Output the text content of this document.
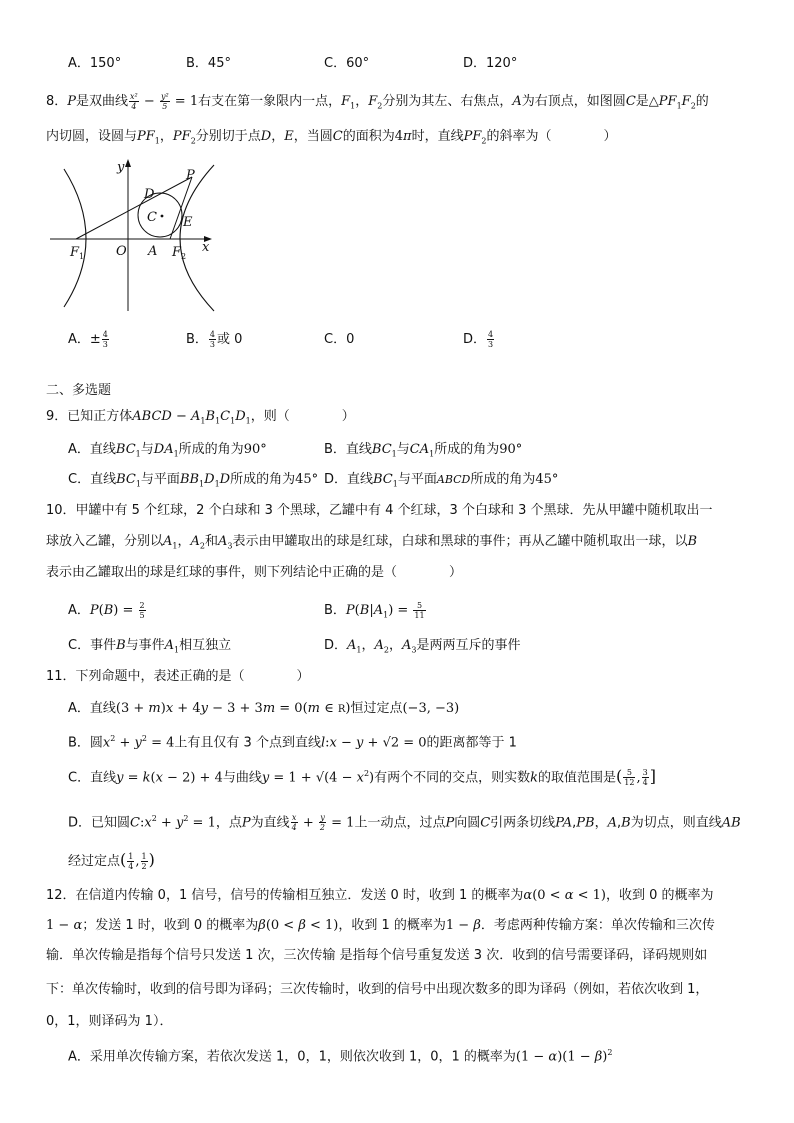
A．150°	B．45°	C．60°	D．120°
8．P是双曲线 $\frac{\text{x²}}{4} - \frac{\text{y²}}{5} = 1$右支在第一象限内一点，$F_1$，$F_2$分别为其左、右焦点，A为右顶点，如图圆C是$\triangle PF_1F_2$的
内切圆，设圆与$PF_1$，$PF_2$分别切于点D，E，当圆C的面积为4π时，直线$PF_2$的斜率为（　　　　）
y
P
D
C E
$F_1$ O A $F_2$
x
A．± $\frac{4}{3}$	B． $\frac{4}{3}$ 或 0	C．0	D． $\frac{4}{3}$
二、多选题
9．已知正方体ABCD − $A_1B_1C_1D_1$，则（　　　　）
A．直线$BC_1$与$DA_1$所成的角为90°	B．直线$BC_1$与$CA_1$所成的角为90°
C．直线$BC_1$与平面$BB_1D_1D$所成的角为45° D．直线$BC_1$与平面ABCD所成的角为45°
10．甲罐中有 5 个红球，2 个白球和 3 个黑球，乙罐中有 4 个红球，3 个白球和 3 个黑球．先从甲罐中随机取出一
球放入乙罐，分别以$A_1$，$A_2$和$A_3$表示由甲罐取出的球是红球，白球和黑球的事件；再从乙罐中随机取出一球，以B
表示由乙罐取出的球是红球的事件，则下列结论中正确的是（　　　　）
A．$P(B) = \frac{2}{5}$	B．$P(B|A_1) = \frac{5}{11}$
C．事件B与事件$A_1$相互独立	D．$A_1$，$A_2$，$A_3$是两两互斥的事件
11．下列命题中，表述正确的是（　　　　）
A．直线(3 + m)x + 4y − 3 + 3m = 0(m ∈ R)恒过定点(−3, −3)
B．圆$x^2 + y^2 = 4$上有且仅有 3 个点到直线l:x − y + √2 = 0的距离都等于 1
C．直线y = k(x − 2) + 4与曲线$y = 1 + √(4 - x^2)$有两个不同的交点，则实数k的取值范围是( $\frac{5}{12}$ , $\frac{3}{4}$ ]
D．已知圆$C:x^2 + y^2 = 1$，点P为直线 $\frac{x}{4} + \frac{y}{2} = 1$上一动点，过点P向圆C引两条切线PA,PB，A,B为切点，则直线AB
经过定点( $\frac{1}{4}$ , $\frac{1}{2}$ )
12．在信道内传输 0，1 信号，信号的传输相互独立．发送 0 时，收到 1 的概率为α(0 < α < 1)，收到 0 的概率为
1 − α；发送 1 时，收到 0 的概率为β(0 < β < 1)，收到 1 的概率为1 − β．考虑两种传输方案：单次传输和三次传
输．单次传输是指每个信号只发送 1 次，三次传输 是指每个信号重复发送 3 次．收到的信号需要译码，译码规则如
下：单次传输时，收到的信号即为译码；三次传输时，收到的信号中出现次数多的即为译码（例如，若依次收到 1，
0，1，则译码为 1）．
A．采用单次传输方案，若依次发送 1，0，1，则依次收到 1，0，1 的概率为$(1 - \alpha)(1 - \beta)^2$
